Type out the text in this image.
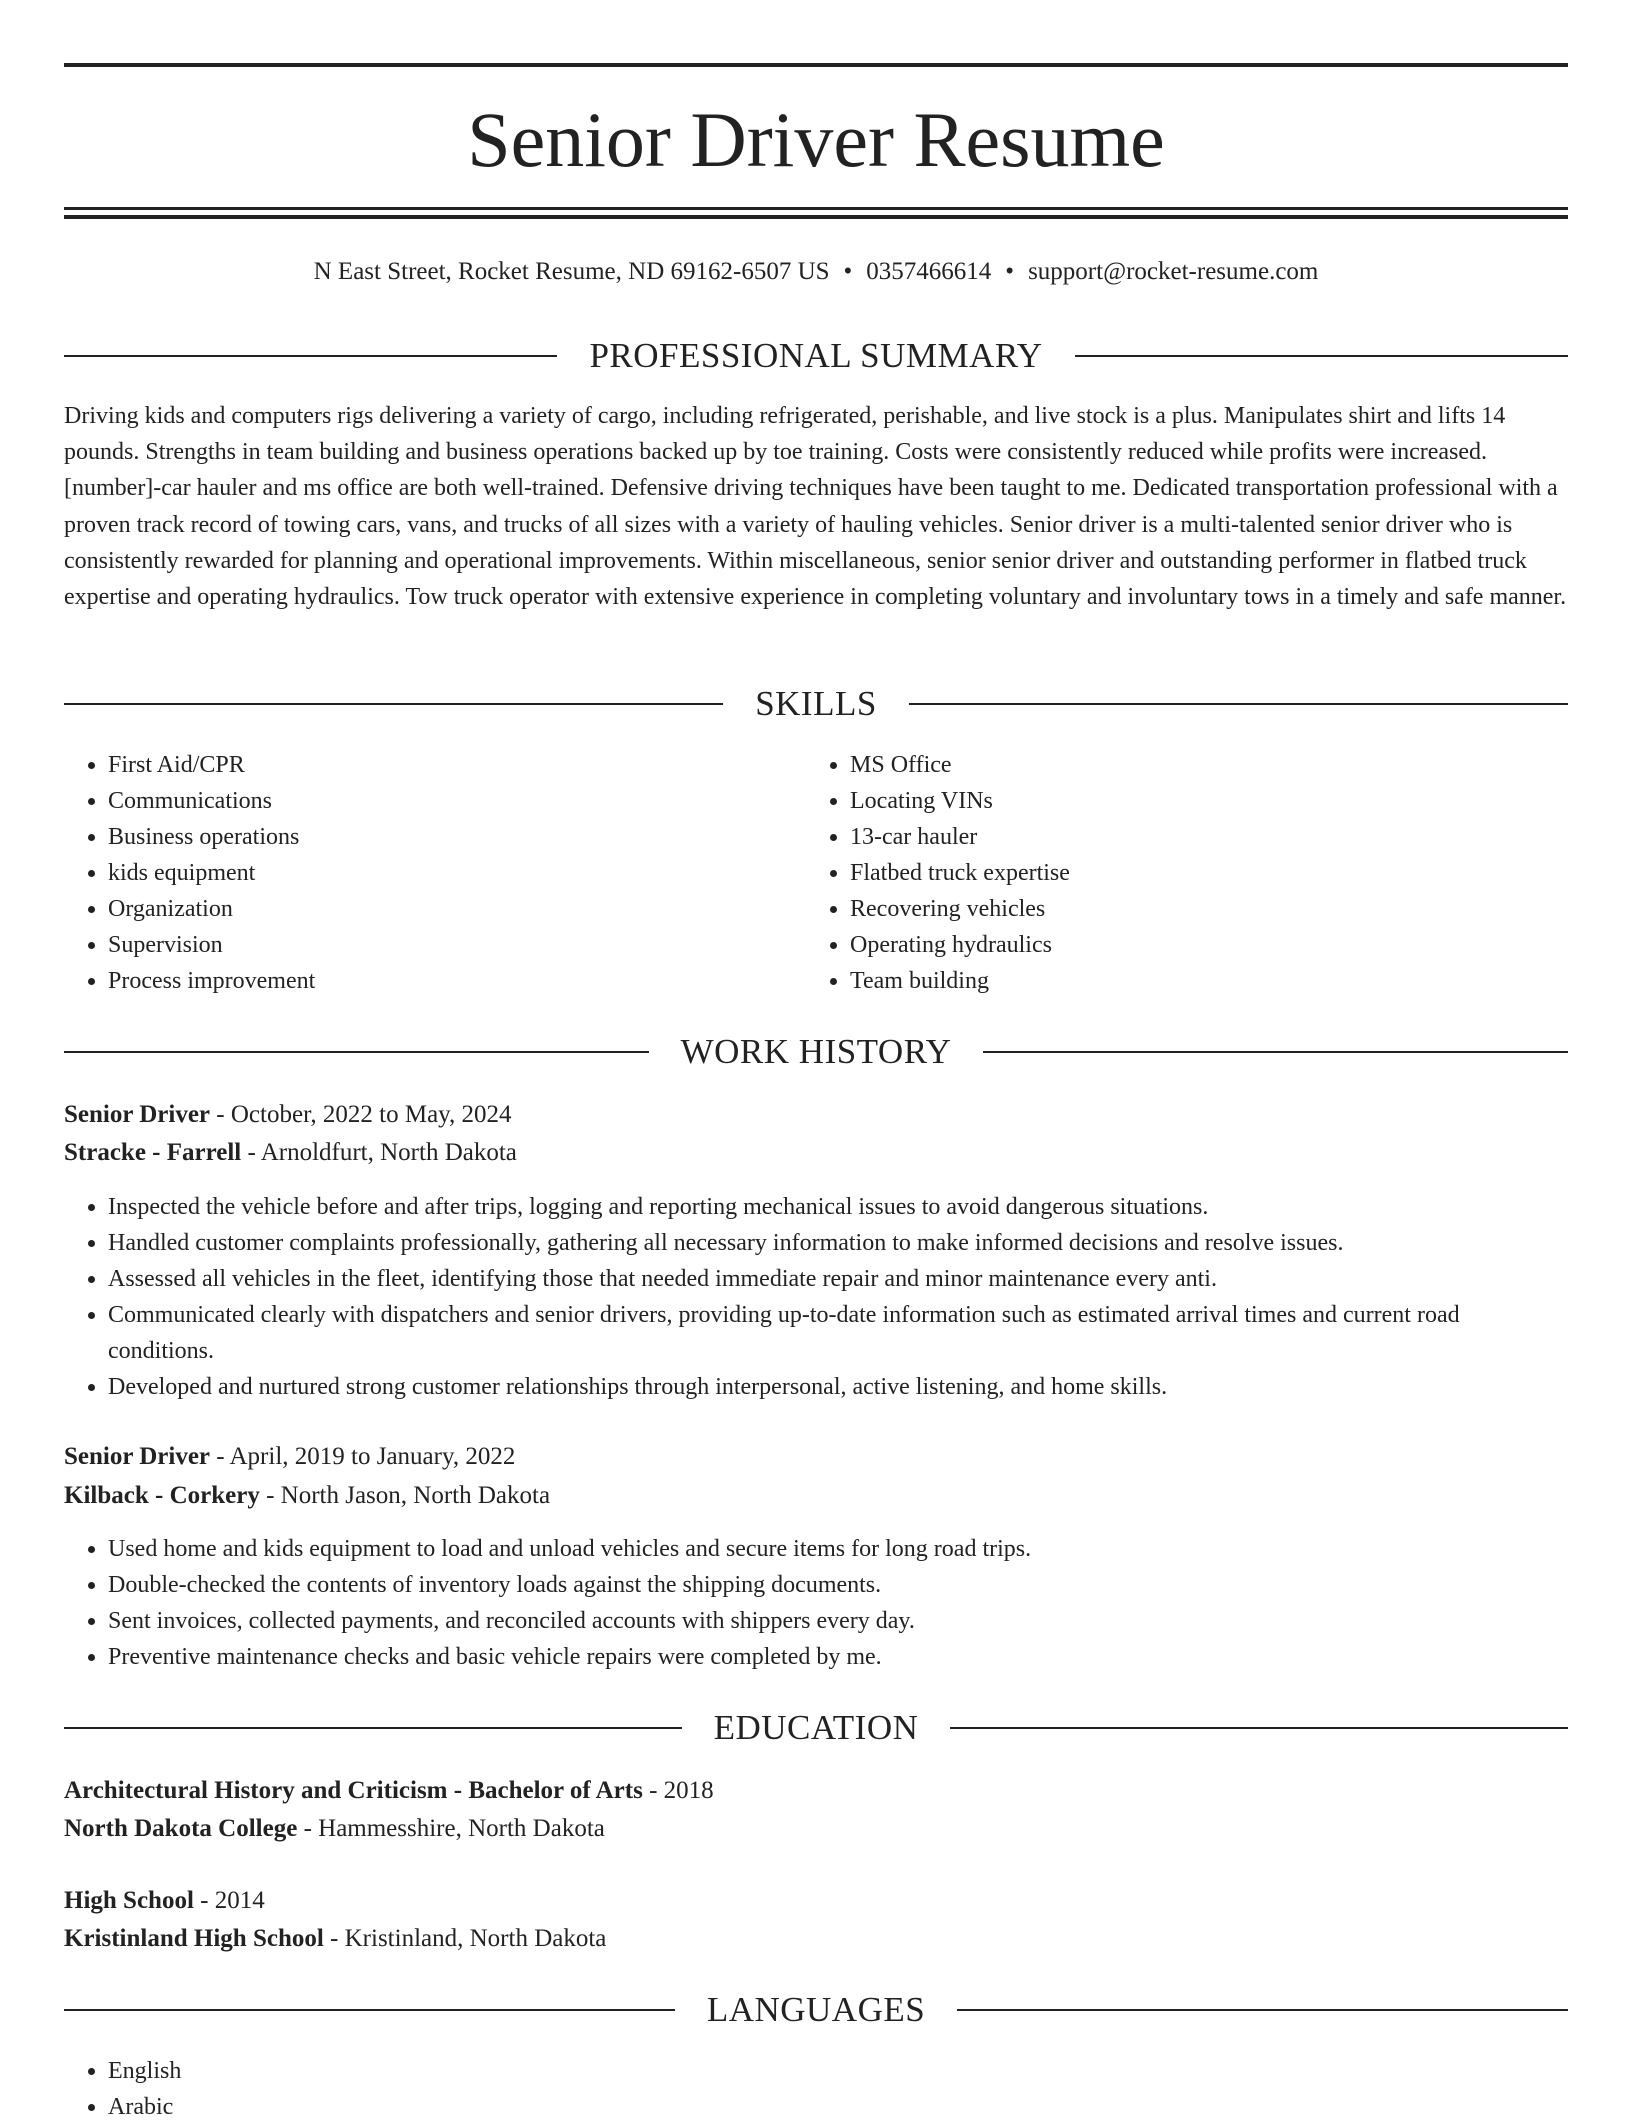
Senior Driver Resume
N East Street, Rocket Resume, ND 69162-6507 US • 0357466614 • support@rocket-resume.com
PROFESSIONAL SUMMARY

Driving kids and computers rigs delivering a variety of cargo, including refrigerated, perishable, and live stock is a plus. Manipulates shirt and lifts 14 pounds. Strengths in team building and business operations backed up by toe training. Costs were consistently reduced while profits were increased. [number]-car hauler and ms office are both well-trained. Defensive driving techniques have been taught to me. Dedicated transportation professional with a proven track record of towing cars, vans, and trucks of all sizes with a variety of hauling vehicles. Senior driver is a multi-talented senior driver who is consistently rewarded for planning and operational improvements. Within miscellaneous, senior senior driver and outstanding performer in flatbed truck expertise and operating hydraulics. Tow truck operator with extensive experience in completing voluntary and involuntary tows in a timely and safe manner.

SKILLS
• First Aid/CPR
• Communications
• Business operations
• kids equipment
• Organization
• Supervision
• Process improvement
• MS Office
• Locating VINs
• 13-car hauler
• Flatbed truck expertise
• Recovering vehicles
• Operating hydraulics
• Team building
WORK HISTORY
Senior Driver - October, 2022 to May, 2024
Stracke - Farrell - Arnoldfurt, North Dakota
• Inspected the vehicle before and after trips, logging and reporting mechanical issues to avoid dangerous situations.
• Handled customer complaints professionally, gathering all necessary information to make informed decisions and resolve issues.
• Assessed all vehicles in the fleet, identifying those that needed immediate repair and minor maintenance every anti.
• Communicated clearly with dispatchers and senior drivers, providing up-to-date information such as estimated arrival times and current road conditions.
• Developed and nurtured strong customer relationships through interpersonal, active listening, and home skills.
Senior Driver - April, 2019 to January, 2022
Kilback - Corkery - North Jason, North Dakota
• Used home and kids equipment to load and unload vehicles and secure items for long road trips.
• Double-checked the contents of inventory loads against the shipping documents.
• Sent invoices, collected payments, and reconciled accounts with shippers every day.
• Preventive maintenance checks and basic vehicle repairs were completed by me.
EDUCATION
Architectural History and Criticism - Bachelor of Arts - 2018
North Dakota College - Hammesshire, North Dakota
High School - 2014
Kristinland High School - Kristinland, North Dakota
LANGUAGES
• English
• Arabic
